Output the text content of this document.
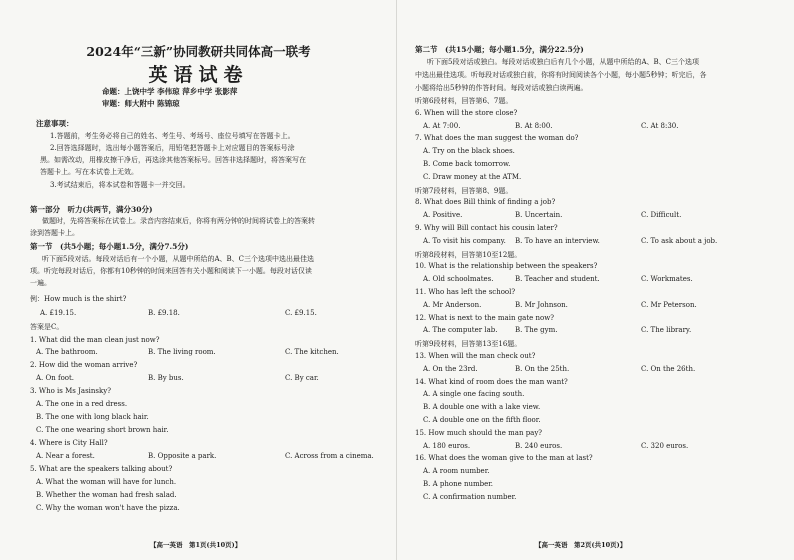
2024年“三新”协同教研共同体高一联考
英语试卷
命题：上饶中学 李伟琼 萍乡中学 张影萍
审题：师大附中 陈锦琼
注意事项：
1.答题前，考生务必将自己的姓名、考生号、考场号、座位号填写在答题卡上。
2.回答选择题时，选出每小题答案后，用铅笔把答题卡上对应题目的答案标号涂
黑。如需改动，用橡皮擦干净后，再选涂其他答案标号。回答非选择题时，将答案写在
答题卡上。写在本试卷上无效。
3.考试结束后，将本试卷和答题卡一并交回。
第一部分　听力(共两节，满分30分)
做题时，先将答案标在试卷上。录音内容结束后，你将有两分钟的时间将试卷上的答案转
涂到答题卡上。
第一节　(共5小题；每小题1.5分，满分7.5分)
听下面5段对话。每段对话后有一个小题，从题中所给的A、B、C三个选项中选出最佳选
项。听完每段对话后，你都有10秒钟的时间来回答有关小题和阅读下一小题。每段对话仅读
一遍。
例：How much is the shirt?
A. £19.15.	B. £9.18.	C. £9.15.
答案是C。
1. What did the man clean just now?
A. The bathroom.	B. The living room.	C. The kitchen.
2. How did the woman arrive?
A. On foot.	B. By bus.	C. By car.
3. Who is Ms Jasinsky?
A. The one in a red dress.
B. The one with long black hair.
C. The one wearing short brown hair.
4. Where is City Hall?
A. Near a forest.	B. Opposite a park.	C. Across from a cinema.
5. What are the speakers talking about?
A. What the woman will have for lunch.
B. Whether the woman had fresh salad.
C. Why the woman won't have the pizza.
【高一英语　第1页(共10页)】
第二节　(共15小题；每小题1.5分，满分22.5分)
听下面5段对话或独白。每段对话或独白后有几个小题，从题中所给的A、B、C三个选项
中选出最佳选项。听每段对话或独白前，你将有时间阅读各个小题，每小题5秒钟；听完后，各
小题将给出5秒钟的作答时间。每段对话或独白读两遍。
听第6段材料，回答第6、7题。
6. When will the store close?
A. At 7:00.	B. At 8:00.	C. At 8:30.
7. What does the man suggest the woman do?
A. Try on the black shoes.
B. Come back tomorrow.
C. Draw money at the ATM.
听第7段材料，回答第8、9题。
8. What does Bill think of finding a job?
A. Positive.	B. Uncertain.	C. Difficult.
9. Why will Bill contact his cousin later?
A. To visit his company. B. To have an interview.	C. To ask about a job.
听第8段材料，回答第10至12题。
10. What is the relationship between the speakers?
A. Old schoolmates.	B. Teacher and student.	C. Workmates.
11. Who has left the school?
A. Mr Anderson.	B. Mr Johnson.	C. Mr Peterson.
12. What is next to the main gate now?
A. The computer lab.	B. The gym.	C. The library.
听第9段材料，回答第13至16题。
13. When will the man check out?
A. On the 23rd.	B. On the 25th.	C. On the 26th.
14. What kind of room does the man want?
A. A single one facing south.
B. A double one with a lake view.
C. A double one on the fifth floor.
15. How much should the man pay?
A. 180 euros.	B. 240 euros.	C. 320 euros.
16. What does the woman give to the man at last?
A. A room number.
B. A phone number.
C. A confirmation number.
【高一英语　第2页(共10页)】
